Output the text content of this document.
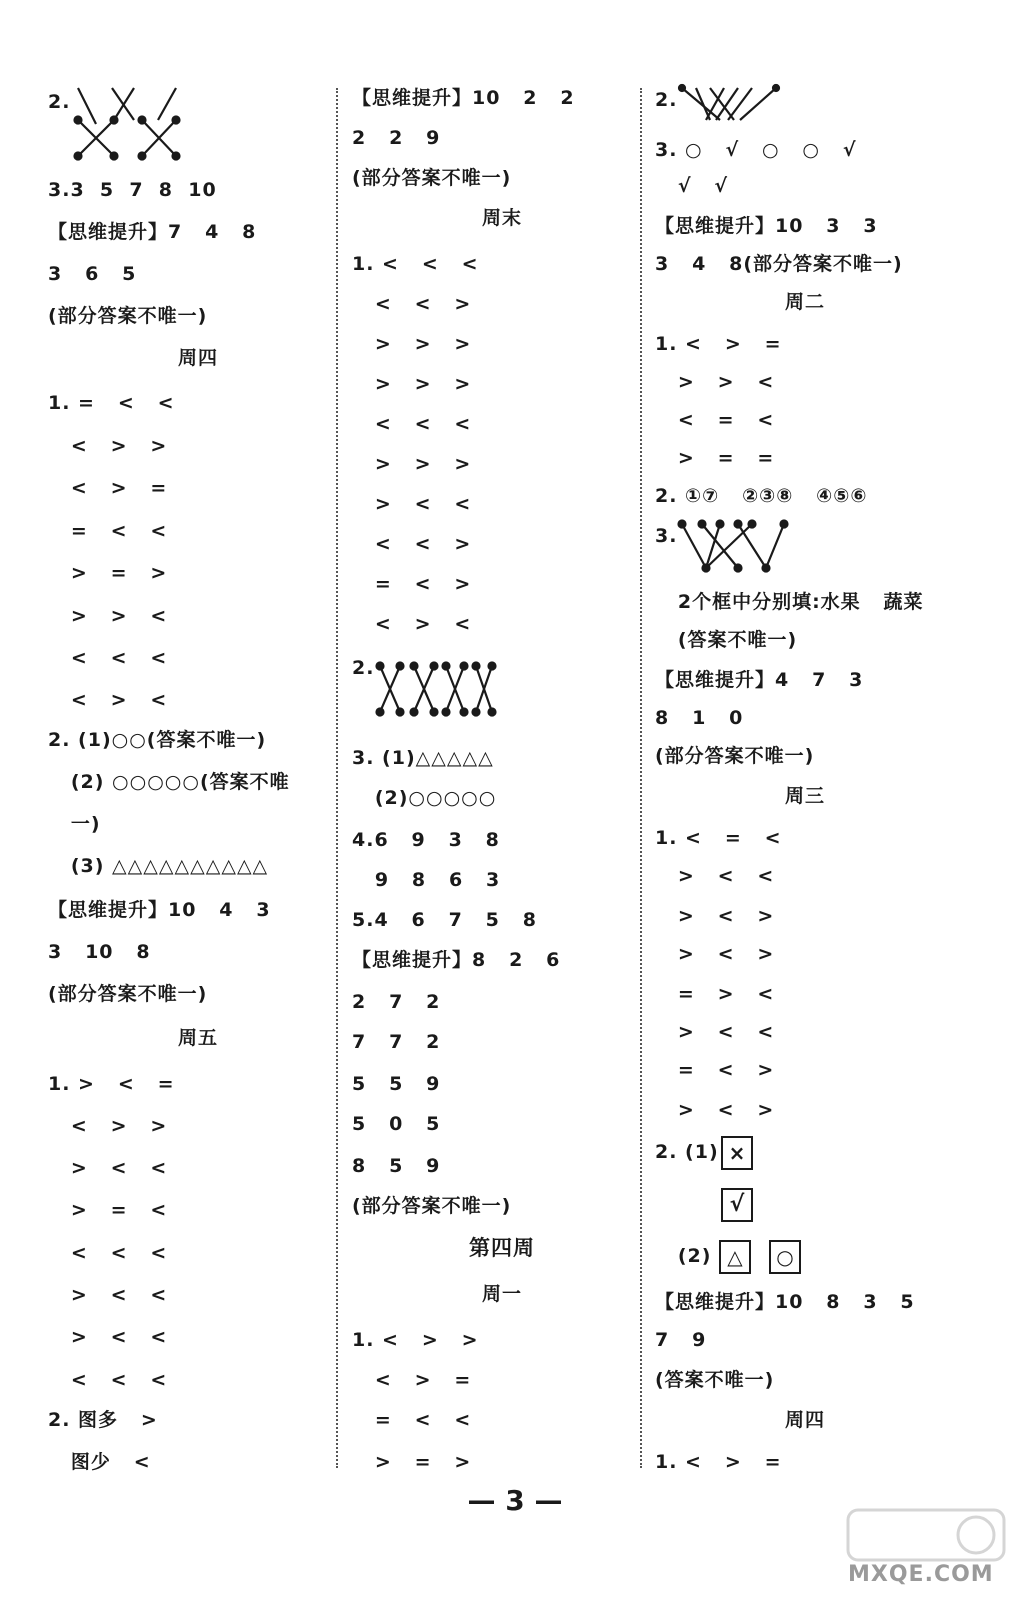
2.
3.3  5  7  8  10
【思维提升】7   4   8
3   6   5
(部分答案不唯一)
周四
1. =   <   <
<   >   >
<   >   =
=   <   <
>   =   >
>   >   <
<   <   <
<   >   <
2. (1)○○(答案不唯一)
(2) ○○○○○(答案不唯
一)
(3) △△△△△△△△△△
【思维提升】10   4   3
3   10   8
(部分答案不唯一)
周五
1. >   <   =
<   >   >
>   <   <
>   =   <
<   <   <
>   <   <
>   <   <
<   <   <
2. 图多   >
图少   <
【思维提升】10   2   2
2   2   9
(部分答案不唯一)
周末
1. <   <   <
<   <   >
>   >   >
>   >   >
<   <   <
>   >   >
>   <   <
<   <   >
=   <   >
<   >   <
2.
3. (1)△△△△△
(2)○○○○○
4.6   9   3   8
9   8   6   3
5.4   6   7   5   8
【思维提升】8   2   6
2   7   2
7   7   2
5   5   9
5   0   5
8   5   9
(部分答案不唯一)
第四周
周一
1. <   >   >
<   >   =
=   <   <
>   =   >
2.
3. ○   √   ○   ○   √
√   √
【思维提升】10   3   3
3   4   8(部分答案不唯一)
周二
1. <   >   =
>   >   <
<   =   <
>   =   =
2. ①⑦   ②③⑧   ④⑤⑥
3.
2个框中分别填:水果   蔬菜
(答案不唯一)
【思维提升】4   7   3
8   1   0
(部分答案不唯一)
周三
1. <   =   <
>   <   <
>   <   >
>   <   >
=   >   <
>   <   <
=   <   >
>   <   >
2. (1)
(2)
【思维提升】10   8   3   5
7   9
(答案不唯一)
周四
1. <   >   =
×
√
△	○
— 3 —
MXQE.COM
